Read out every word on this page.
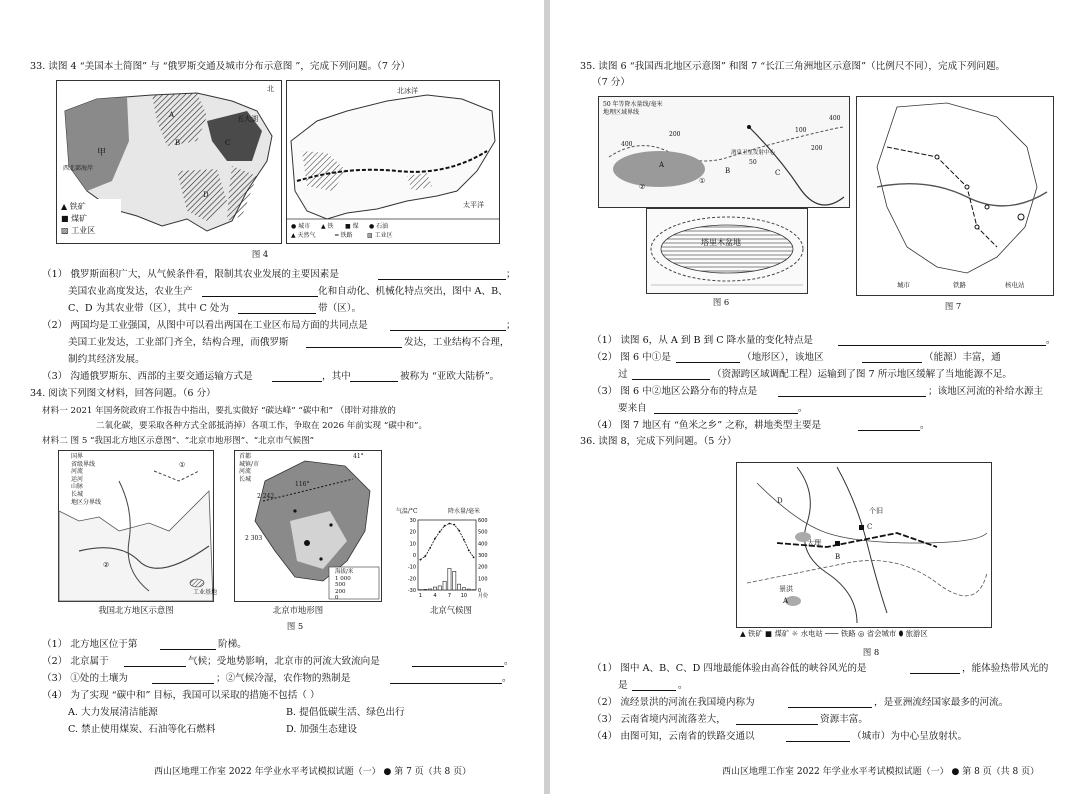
33. 读图 4 “美国本土简图” 与 “俄罗斯交通及城市分布示意图 ”，完成下列问题。（7 分）
甲
A
B	C
D
五大湖
西北部海岸
北
▲ 铁矿
■ 煤矿
▨ 工业区
北冰洋
太平洋
● 城市 ▲ 铁 ■ 煤 ● 石油
▲ 天然气	═ 铁路 ▨ 工业区
图 4
（1） 俄罗斯面积广大，从气候条件看，限制其农业发展的主要因素是	；
美国农业高度发达，农业生产	化和自动化、机械化特点突出，图中 A、B、
C、D 为其农业带（区），其中 C 处为	带（区）。
（2） 两国均是工业强国，从图中可以看出两国在工业区布局方面的共同点是	；
美国工业发达，工业部门齐全，结构合理，而俄罗斯	发达，工业结构不合理，
制约其经济发展。
（3） 沟通俄罗斯东、西部的主要交通运输方式是	，其中	被称为 “亚欧大陆桥”。
34. 阅读下列图文材料，回答问题。（6 分）
材料一 2021 年国务院政府工作报告中指出，要扎实做好 “碳达峰” “碳中和” （即针对排放的
二氧化碳，要采取各种方式全部抵消掉）各项工作，争取在 2026 年前实现 “碳中和”。
材料二 图 5 “我国北方地区示意图”、“北京市地形图”、“北京市气候图”
国界
省级界线
河流
运河
山脉
长城
地区分界线
①
②
工业基地
首都
城镇/市
河流
长城
41°
116°
2 242
2 303
海拔/米
1 000
500
200
0
气温/°C	降水量/毫米
30
20
10
0
-10
-20
-30
600
500
400
300
200
100
0
1 4 7 10 月份
我国北方地区示意图	北京市地形图	北京气候图
图 5
（1） 北方地区位于第	阶梯。
（2） 北京属于	气候；受地势影响，北京市的河流大致流向是	。
（3） ①处的土壤为	；②气候冷湿，农作物的熟制是	。
（4） 为了实现 “碳中和” 目标，我国可以采取的措施不包括（ ）
A. 大力发展清洁能源	B. 提倡低碳生活、绿色出行
C. 禁止使用煤炭、石油等化石燃料	D. 加强生态建设
西山区地理工作室 2022 年学业水平考试模拟试题（一） ● 第 7 页（共 8 页）
35. 读图 6 “我国西北地区示意图” 和图 7 “长江三角洲地区示意图”（比例尺不同），完成下列问题。
（7 分）
50 年等降水量线/毫米
地理区域界线
400
200
50
100
200
400
A
B	C
①
②
酒泉卫星发射中心
塔里木盆地
图 6
城市	铁路	核电站
图 7
（1） 读图 6，从 A 到 B 到 C 降水量的变化特点是	。
（2） 图 6 中①是	（地形区），该地区	（能源）丰富，通
过	（资源跨区域调配工程）运输到了图 7 所示地区缓解了当地能源不足。
（3） 图 6 中②地区公路分布的特点是	；该地区河流的补给水源主
要来自	。
（4） 图 7 地区有 “鱼米之乡” 之称，耕地类型主要是	。
36. 读图 8，完成下列问题。（5 分）
D
C
B
A
大理
个旧
景洪
▲ 铁矿 ■ 煤矿 ☼ 水电站 ─── 铁路 ◎ 省会城市 ⬮ 旅游区
图 8
（1） 图中 A、B、C、D 四地最能体验由高谷低的峡谷风光的是	，能体验热带风光的
是	。
（2） 流经景洪的河流在我国境内称为	，是亚洲流经国家最多的河流。
（3） 云南省境内河流落差大，	资源丰富。
（4） 由图可知，云南省的铁路交通以	（城市）为中心呈放射状。
西山区地理工作室 2022 年学业水平考试模拟试题（一） ● 第 8 页（共 8 页）
